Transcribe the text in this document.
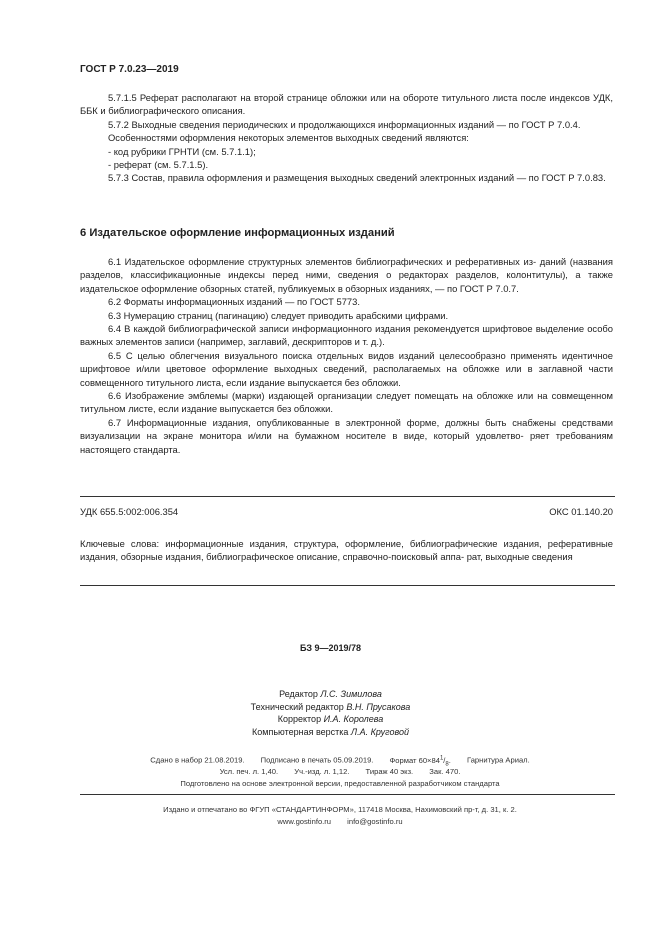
ГОСТ Р 7.0.23—2019

5.7.1.5 Реферат располагают на второй странице обложки или на обороте титульного листа после индексов УДК, ББК и библиографического описания.

5.7.2 Выходные сведения периодических и продолжающихся информационных изданий — по ГОСТ Р 7.0.4.

Особенностями оформления некоторых элементов выходных сведений являются:

- код рубрики ГРНТИ (см. 5.7.1.1);

- реферат (см. 5.7.1.5).

5.7.3 Состав, правила оформления и размещения выходных сведений электронных изданий — по ГОСТ Р 7.0.83.

6 Издательское оформление информационных изданий

6.1 Издательское оформление структурных элементов библиографических и реферативных из- даний (названия разделов, классификационные индексы перед ними, сведения о редакторах разделов, колонтитулы), а также издательское оформление обзорных статей, публикуемых в обзорных изданиях, — по ГОСТ Р 7.0.7.

6.2 Форматы информационных изданий — по ГОСТ 5773.

6.3 Нумерацию страниц (пагинацию) следует приводить арабскими цифрами.

6.4 В каждой библиографической записи информационного издания рекомендуется шрифтовое выделение особо важных элементов записи (например, заглавий, дескрипторов и т. д.).

6.5 С целью облегчения визуального поиска отдельных видов изданий целесообразно применять идентичное шрифтовое и/или цветовое оформление выходных сведений, располагаемых на обложке или в заглавной части совмещенного титульного листа, если издание выпускается без обложки.

6.6 Изображение эмблемы (марки) издающей организации следует помещать на обложке или на совмещенном титульном листе, если издание выпускается без обложки.

6.7 Информационные издания, опубликованные в электронной форме, должны быть снабжены средствами визуализации на экране монитора и/или на бумажном носителе в виде, который удовлетво- ряет требованиям настоящего стандарта.

УДК 655.5:002:006.354	ОКС 01.140.20

Ключевые слова: информационные издания, структура, оформление, библиографические издания, реферативные издания, обзорные издания, библиографическое описание, справочно-поисковый аппа- рат, выходные сведения

БЗ 9—2019/78
Редактор Л.С. Зимилова
Технический редактор В.Н. Прусакова
Корректор И.А. Королева
Компьютерная верстка Л.А. Круговой
Сдано в набор 21.08.2019. Подписано в печать 05.09.2019. Формат $60\times 84^1/_8$. Гарнитура Ариал.
Усл. печ. л. 1,40. Уч.-изд. л. 1,12. Тираж 40 экз. Зак. 470.
Подготовлено на основе электронной версии, предоставленной разработчиком стандарта
Издано и отпечатано во ФГУП «СТАНДАРТИНФОРМ», 117418 Москва, Нахимовский пр-т, д. 31, к. 2.
www.gostinfo.ru info@gostinfo.ru
